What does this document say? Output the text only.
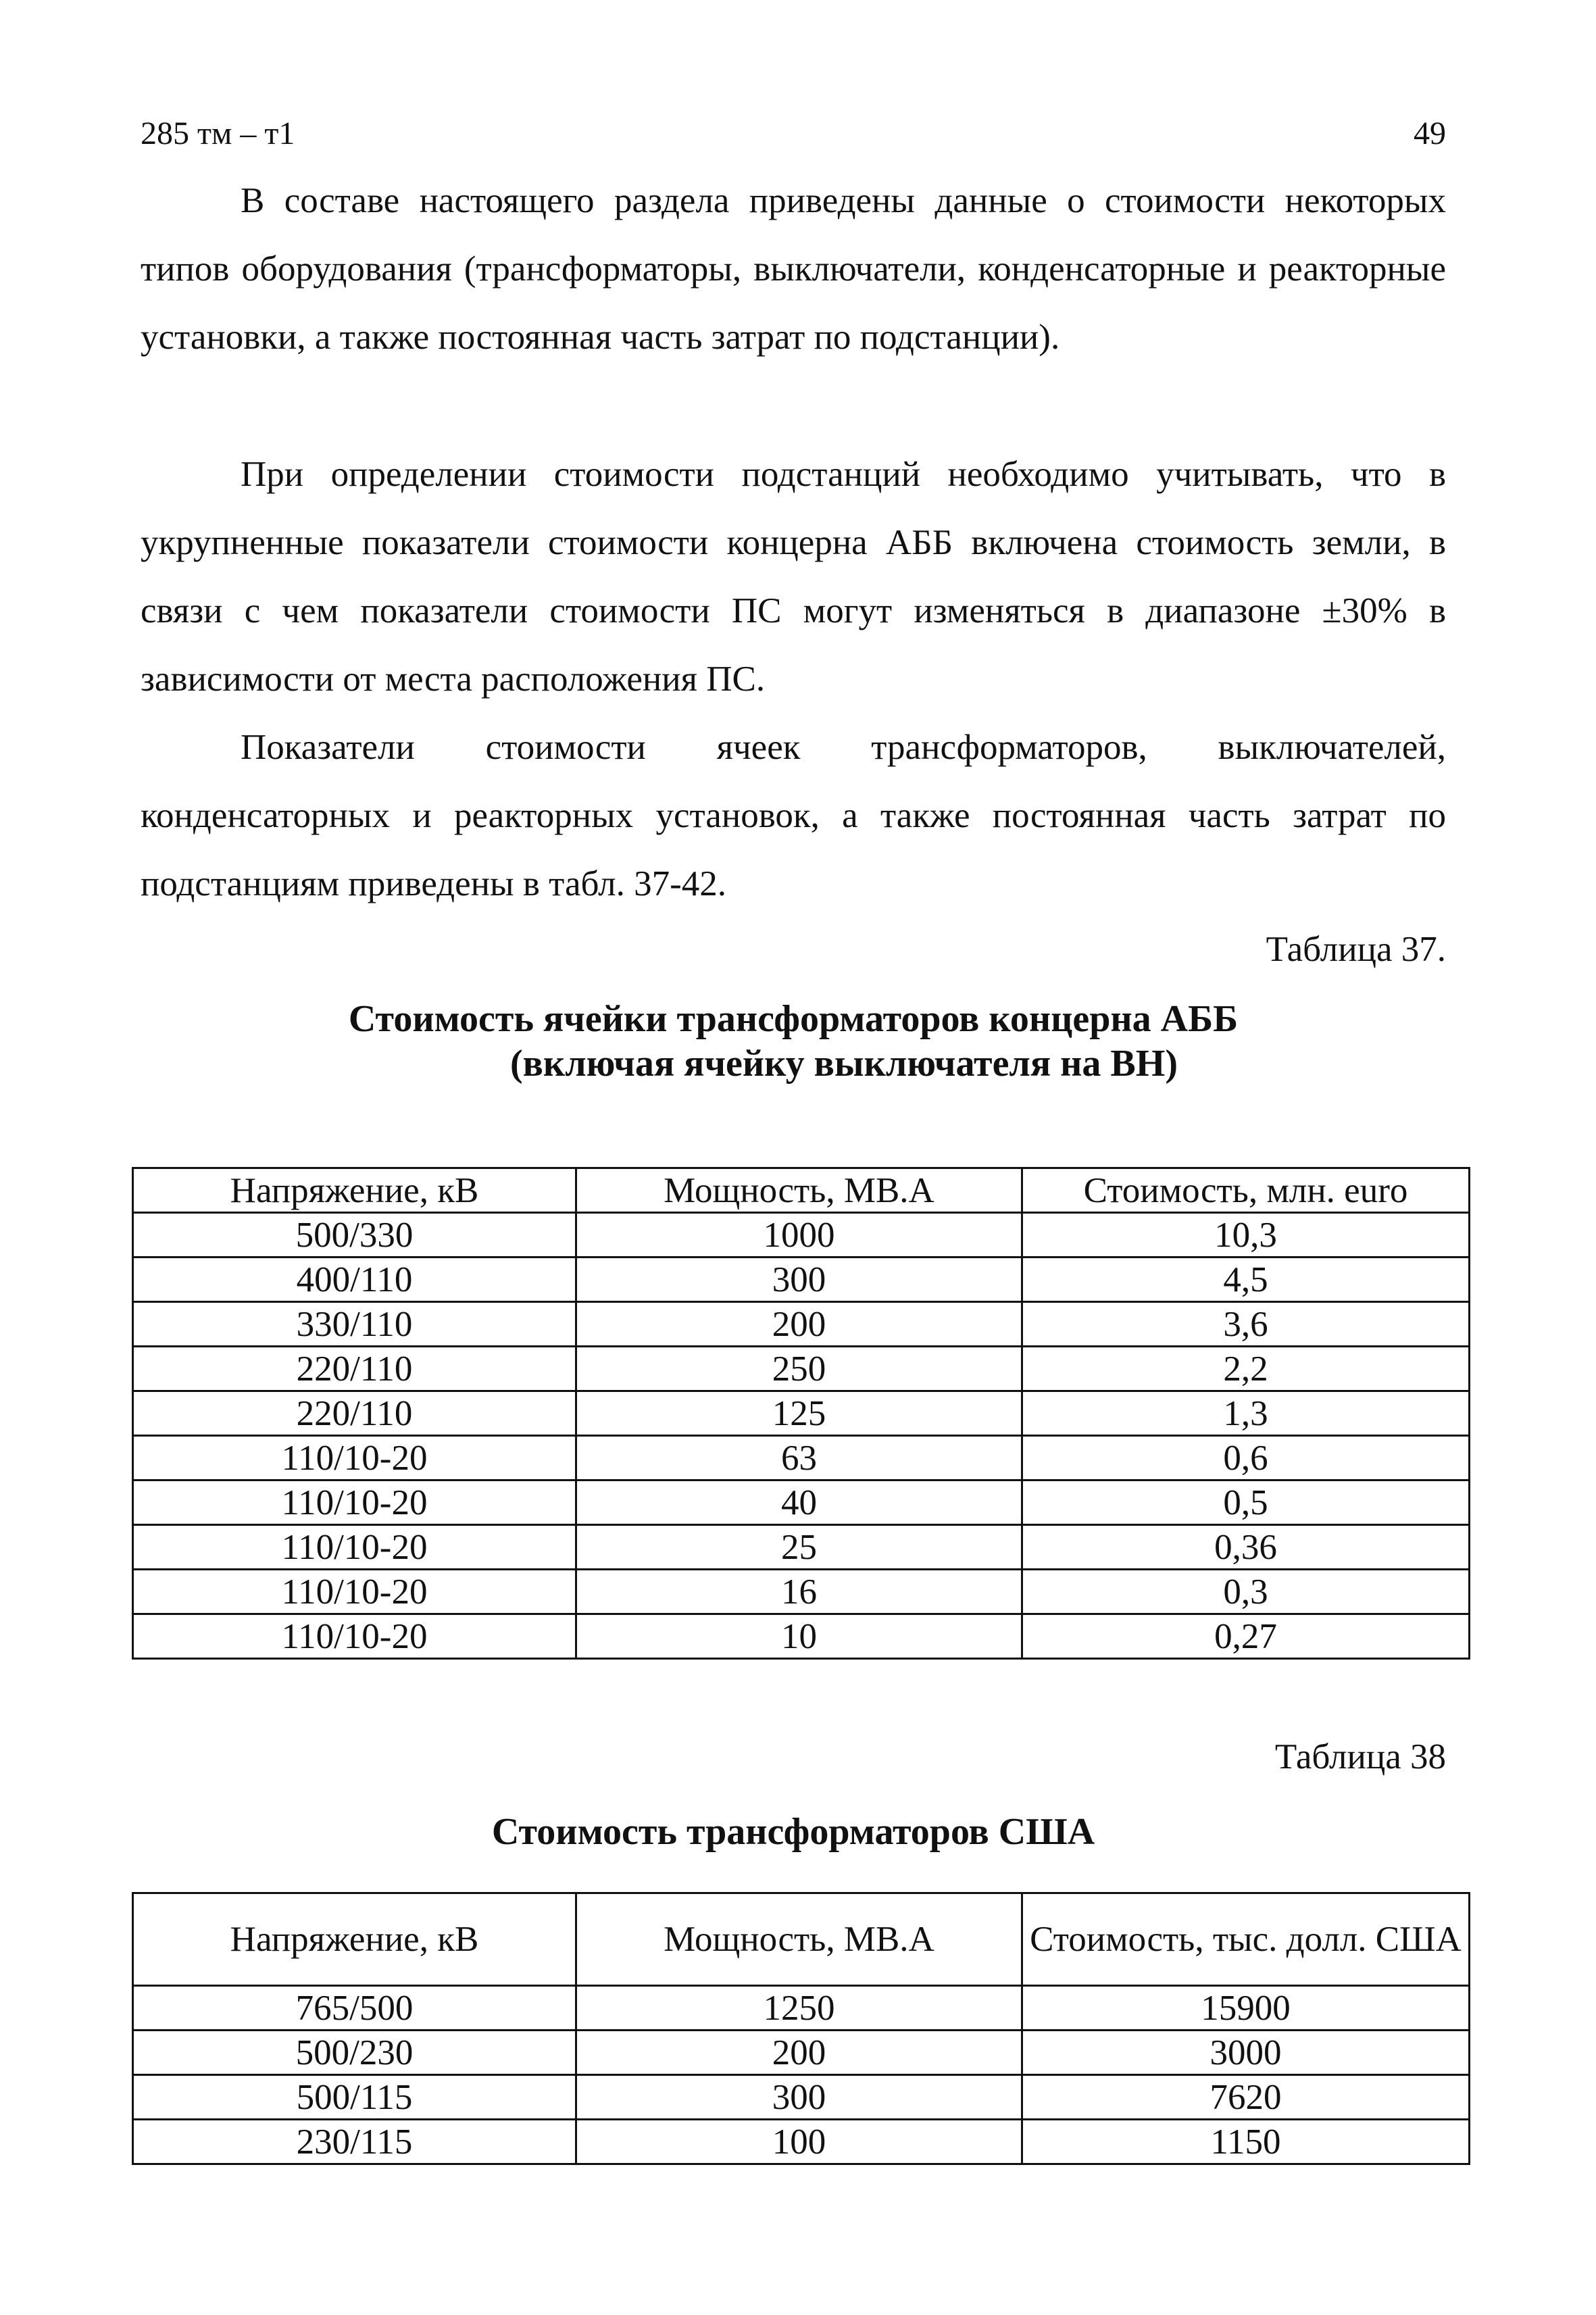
285 тм – т1	49

В составе настоящего раздела приведены данные о стоимости некоторых типов оборудования (трансформаторы, выключатели, конденсаторные и реакторные установки, а также постоянная часть затрат по подстанции).

При определении стоимости подстанций необходимо учитывать, что в укрупненные показатели стоимости концерна АББ включена стоимость земли, в связи с чем показатели стоимости ПС могут изменяться в диапазоне ±30% в зависимости от места расположения ПС.

Показатели стоимости ячеек трансформаторов, выключателей, конденсаторных и реакторных установок, а также постоянная часть затрат по подстанциям приведены в табл. 37-42.

Таблица 37.
Стоимость ячейки трансформаторов концерна АББ
(включая ячейку выключателя на ВН)
Напряжение, кВ	Мощность, МВ.А	Стоимость, млн. euro
500/330	1000	10,3
400/110	300	4,5
330/110	200	3,6
220/110	250	2,2
220/110	125	1,3
110/10-20	63	0,6
110/10-20	40	0,5
110/10-20	25	0,36
110/10-20	16	0,3
110/10-20	10	0,27
Таблица 38
Стоимость трансформаторов США
Напряжение, кВ	Мощность, МВ.А	Стоимость, тыс. долл. США
765/500	1250	15900
500/230	200	3000
500/115	300	7620
230/115	100	1150
